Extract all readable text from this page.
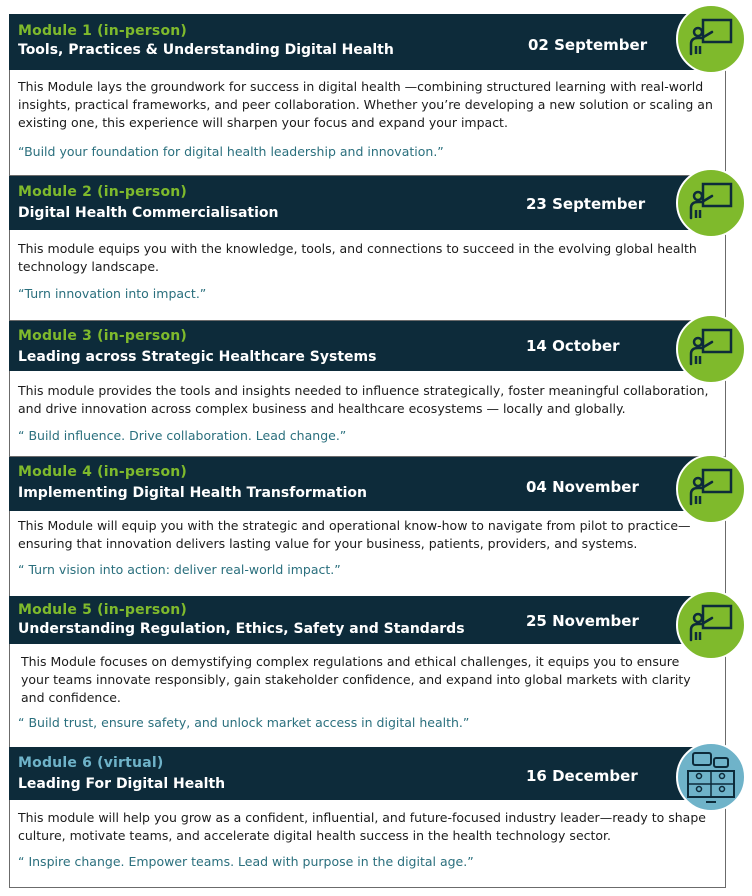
Module 1 (in-person)
Tools, Practices & Understanding Digital Health	02 September
This Module lays the groundwork for success in digital health —combining structured learning with real-world insights, practical frameworks, and peer collaboration. Whether you’re developing a new solution or scaling an existing one, this experience will sharpen your focus and expand your impact.
“Build your foundation for digital health leadership and innovation.”
Module 2 (in-person)
Digital Health Commercialisation	23 September
This module equips you with the knowledge, tools, and connections to succeed in the evolving global health technology landscape.
“Turn innovation into impact.”
Module 3 (in-person)
Leading across Strategic Healthcare Systems
14 October
This module provides the tools and insights needed to influence strategically, foster meaningful collaboration, and drive innovation across complex business and healthcare ecosystems — locally and globally.
“ Build influence. Drive collaboration. Lead change.”
Module 4 (in-person)
Implementing Digital Health Transformation	04 November
This Module will equip you with the strategic and operational know-how to navigate from pilot to practice—ensuring that innovation delivers lasting value for your business, patients, providers, and systems.
“ Turn vision into action: deliver real-world impact.”
Module 5 (in-person)
Understanding Regulation, Ethics, Safety and Standards	25 November
This Module focuses on demystifying complex regulations and ethical challenges, it equips you to ensure your teams innovate responsibly, gain stakeholder confidence, and expand into global markets with clarity and confidence.
“ Build trust, ensure safety, and unlock market access in digital health.”
Module 6 (virtual)
Leading For Digital Health	16 December
This module will help you grow as a confident, influential, and future-focused industry leader—ready to shape culture, motivate teams, and accelerate digital health success in the health technology sector.
“ Inspire change. Empower teams. Lead with purpose in the digital age.”
